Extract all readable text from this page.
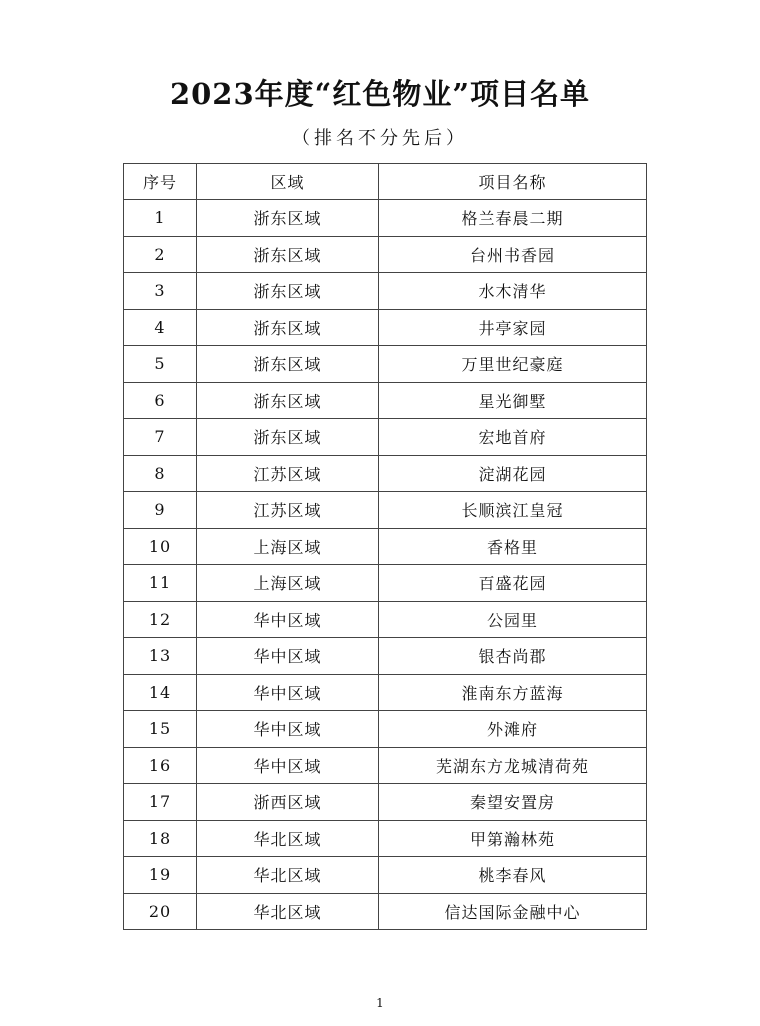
2023年度“红色物业”项目名单
（排名不分先后）
序号	区域	项目名称
1	浙东区域	格兰春晨二期
2	浙东区域	台州书香园
3	浙东区域	水木清华
4	浙东区域	井亭家园
5	浙东区域	万里世纪豪庭
6	浙东区域	星光御墅
7	浙东区域	宏地首府
8	江苏区域	淀湖花园
9	江苏区域	长顺滨江皇冠
10	上海区域	香格里
11	上海区域	百盛花园
12	华中区域	公园里
13	华中区域	银杏尚郡
14	华中区域	淮南东方蓝海
15	华中区域	外滩府
16	华中区域	芜湖东方龙城清荷苑
17	浙西区域	秦望安置房
18	华北区域	甲第瀚林苑
19	华北区域	桃李春风
20	华北区域	信达国际金融中心
1
